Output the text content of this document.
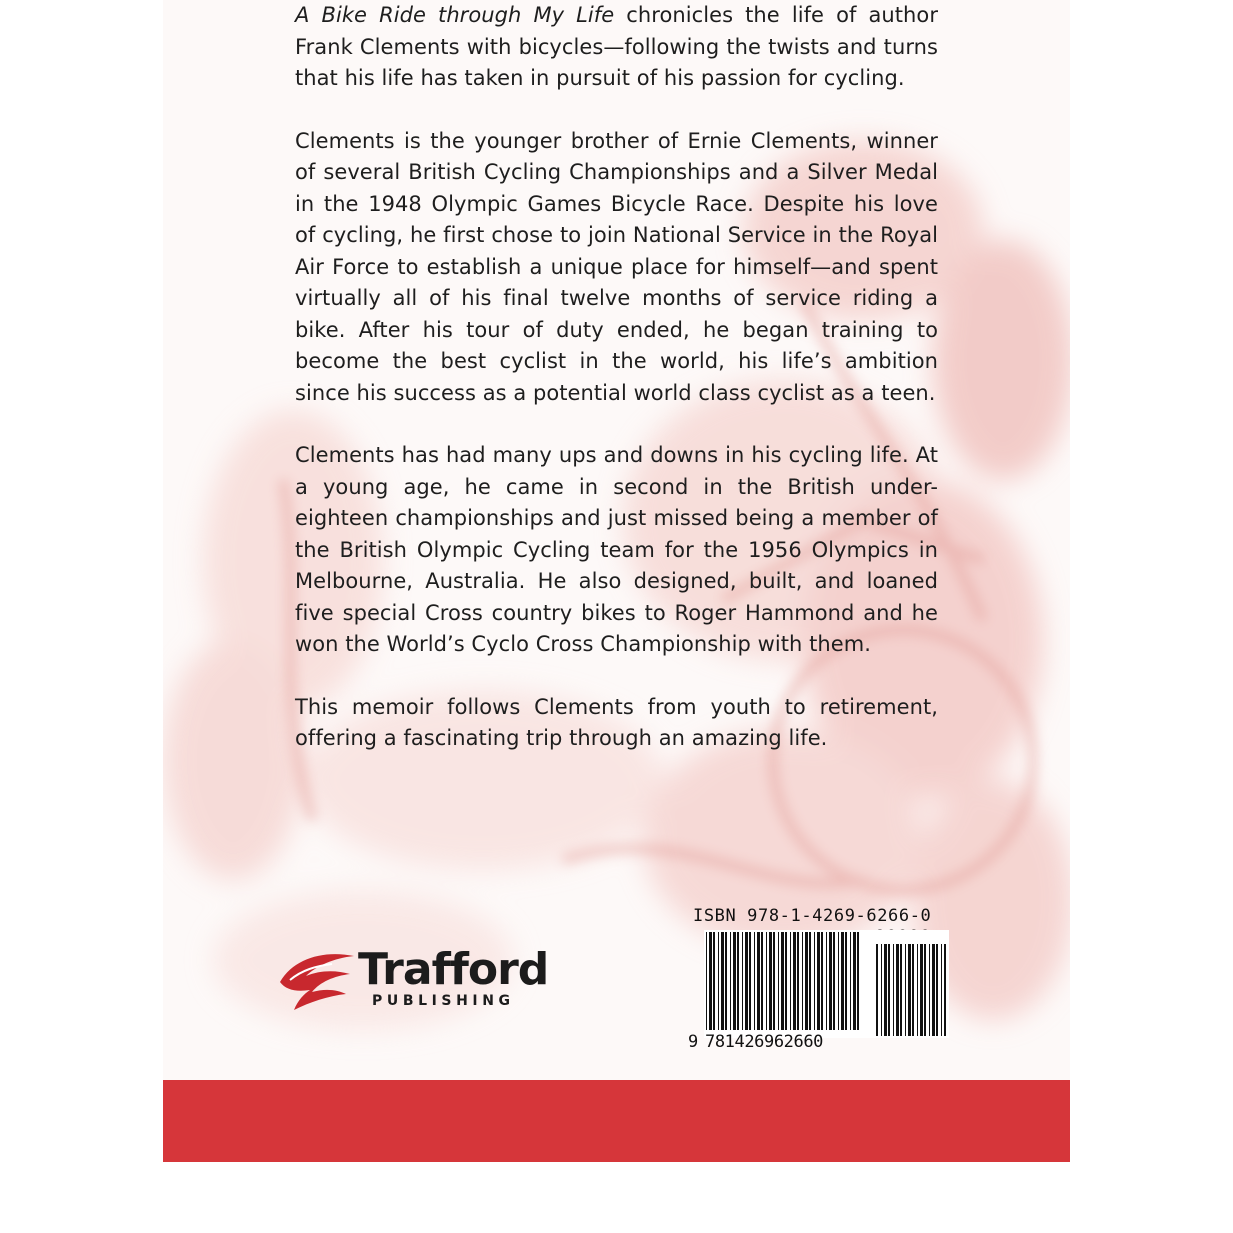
A Bike Ride through My Life chronicles the life of author Frank Clements with bicycles—following the twists and turns that his life has taken in pursuit of his passion for cycling.

Clements is the younger brother of Ernie Clements, winner of several British Cycling Championships and a Silver Medal in the 1948 Olympic Games Bicycle Race. Despite his love of cycling, he first chose to join National Service in the Royal Air Force to establish a unique place for himself—and spent virtually all of his final twelve months of service riding a bike. After his tour of duty ended, he began training to become the best cyclist in the world, his life’s ambition since his success as a potential world class cyclist as a teen.

Clements has had many ups and downs in his cycling life. At a young age, he came in second in the British under-eighteen championships and just missed being a member of the British Olympic Cycling team for the 1956 Olympics in Melbourne, Australia. He also designed, built, and loaned five special Cross country bikes to Roger Hammond and he won the World’s Cyclo Cross Championship with them.

This memoir follows Clements from youth to retirement, offering a fascinating trip through an amazing life.

Trafford
PUBLISHING
ISBN 978-1-4269-6266-0
9 781426962660
